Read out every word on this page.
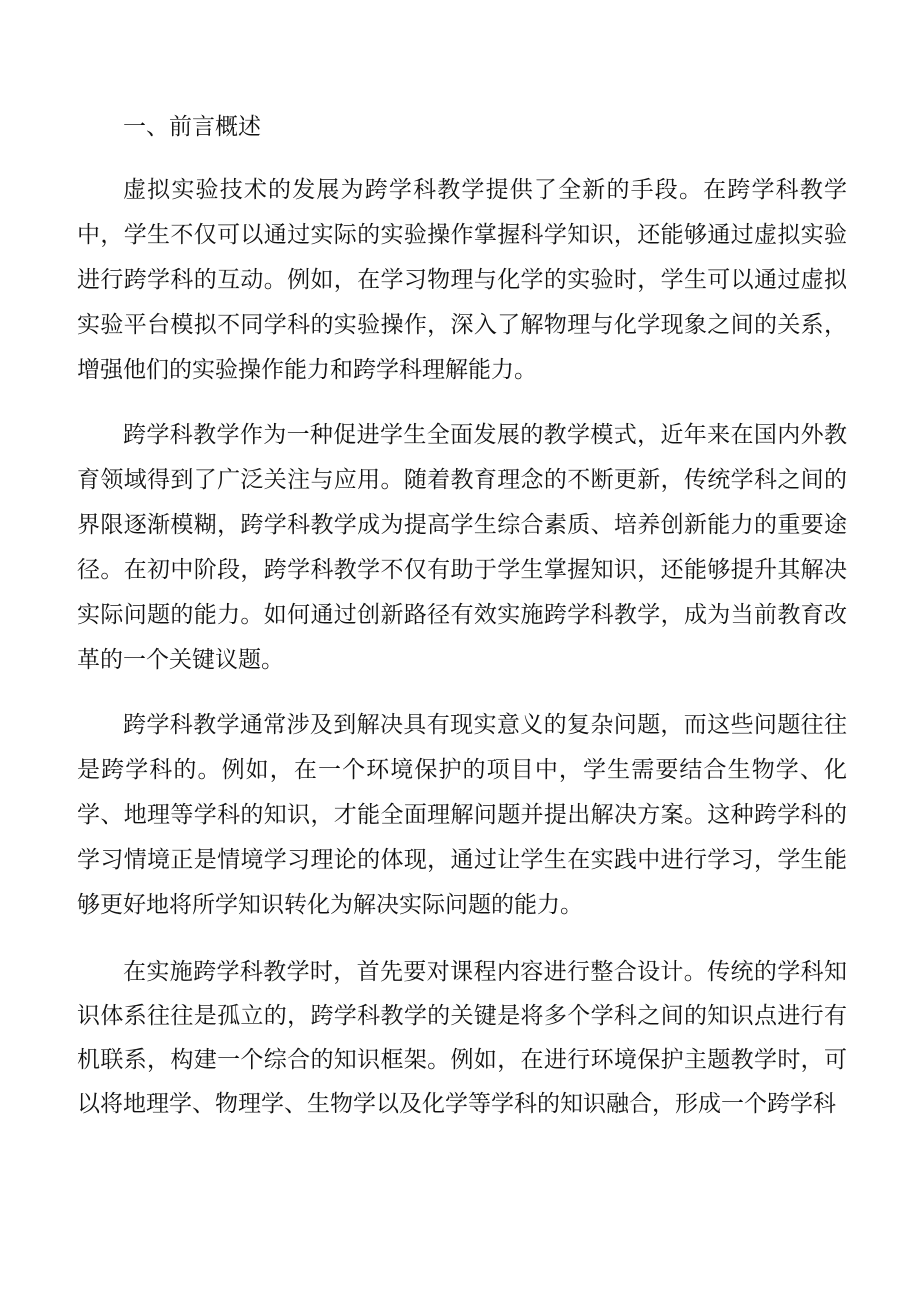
一、前言概述

虚拟实验技术的发展为跨学科教学提供了全新的手段。在跨学科教学中，学生不仅可以通过实际的实验操作掌握科学知识，还能够通过虚拟实验进行跨学科的互动。例如，在学习物理与化学的实验时，学生可以通过虚拟实验平台模拟不同学科的实验操作，深入了解物理与化学现象之间的关系，增强他们的实验操作能力和跨学科理解能力。

跨学科教学作为一种促进学生全面发展的教学模式，近年来在国内外教育领域得到了广泛关注与应用。随着教育理念的不断更新，传统学科之间的界限逐渐模糊，跨学科教学成为提高学生综合素质、培养创新能力的重要途径。在初中阶段，跨学科教学不仅有助于学生掌握知识，还能够提升其解决实际问题的能力。如何通过创新路径有效实施跨学科教学，成为当前教育改革的一个关键议题。

跨学科教学通常涉及到解决具有现实意义的复杂问题，而这些问题往往是跨学科的。例如，在一个环境保护的项目中，学生需要结合生物学、化学、地理等学科的知识，才能全面理解问题并提出解决方案。这种跨学科的学习情境正是情境学习理论的体现，通过让学生在实践中进行学习，学生能够更好地将所学知识转化为解决实际问题的能力。

在实施跨学科教学时，首先要对课程内容进行整合设计。传统的学科知识体系往往是孤立的，跨学科教学的关键是将多个学科之间的知识点进行有机联系，构建一个综合的知识框架。例如，在进行环境保护主题教学时，可以将地理学、物理学、生物学以及化学等学科的知识融合，形成一个跨学科
